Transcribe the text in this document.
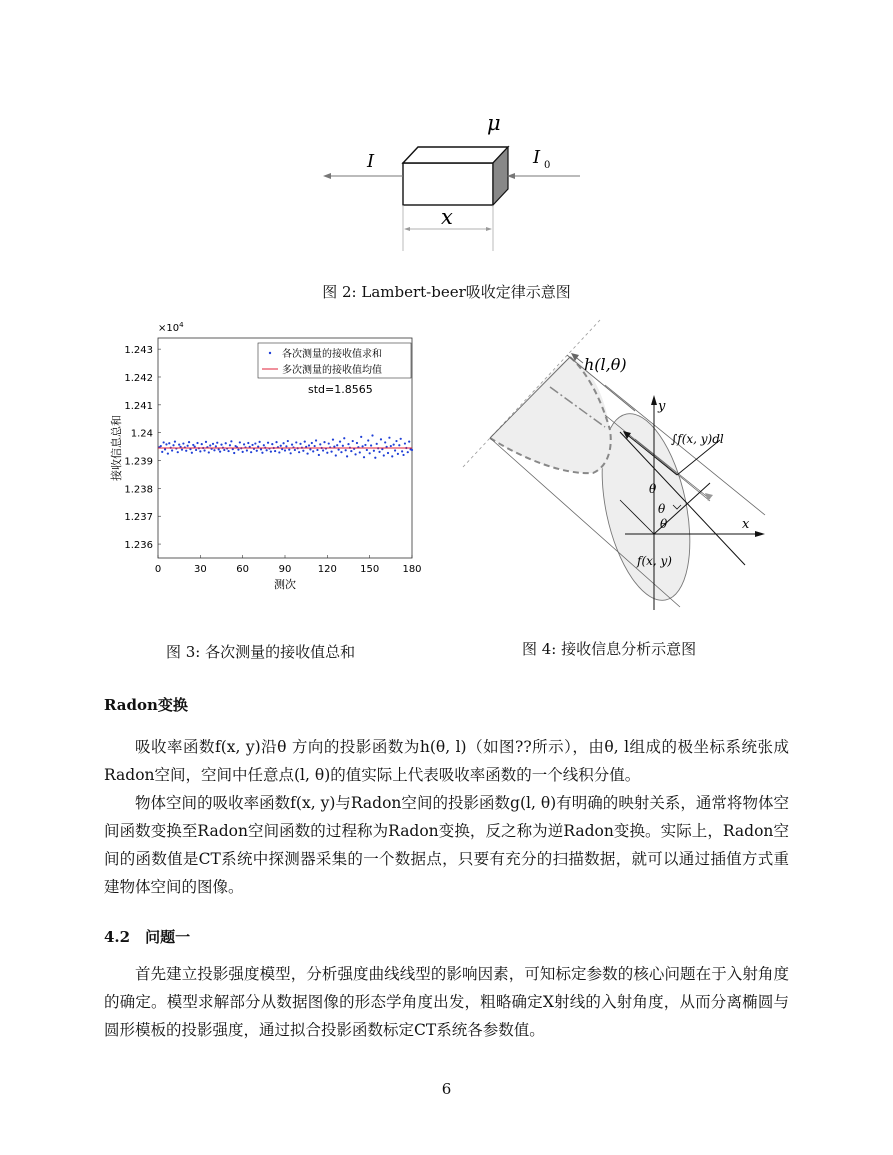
μ
I	I 0
x
图 2: Lambert-beer吸收定律示意图
1.236
1.237
1.238
1.239
1.24
1.241
1.242
1.243
0	30	60	90	120 150 180
$\times 10^4$
接收信息总和
测次
各次测量的接收值求和
多次测量的接收值均值
std=1.8565
图 3: 各次测量的接收值总和
h(l,θ)
y
x
∫f(x, y)dl
θ
θ
θ
f(x, y)
图 4: 接收信息分析示意图
Radon变换

吸收率函数f(x, y)沿θ 方向的投影函数为h(θ, l)（如图??所示），由θ, l组成的极坐标系统张成Radon空间，空间中任意点(l, θ)的值实际上代表吸收率函数的一个线积分值。

物体空间的吸收率函数f(x, y)与Radon空间的投影函数g(l, θ)有明确的映射关系，通常将物体空间函数变换至Radon空间函数的过程称为Radon变换，反之称为逆Radon变换。实际上，Radon空间的函数值是CT系统中探测器采集的一个数据点，只要有充分的扫描数据，就可以通过插值方式重建物体空间的图像。

4.2　问题一

首先建立投影强度模型，分析强度曲线线型的影响因素，可知标定参数的核心问题在于入射角度的确定。模型求解部分从数据图像的形态学角度出发，粗略确定X射线的入射角度，从而分离椭圆与圆形模板的投影强度，通过拟合投影函数标定CT系统各参数值。

6
